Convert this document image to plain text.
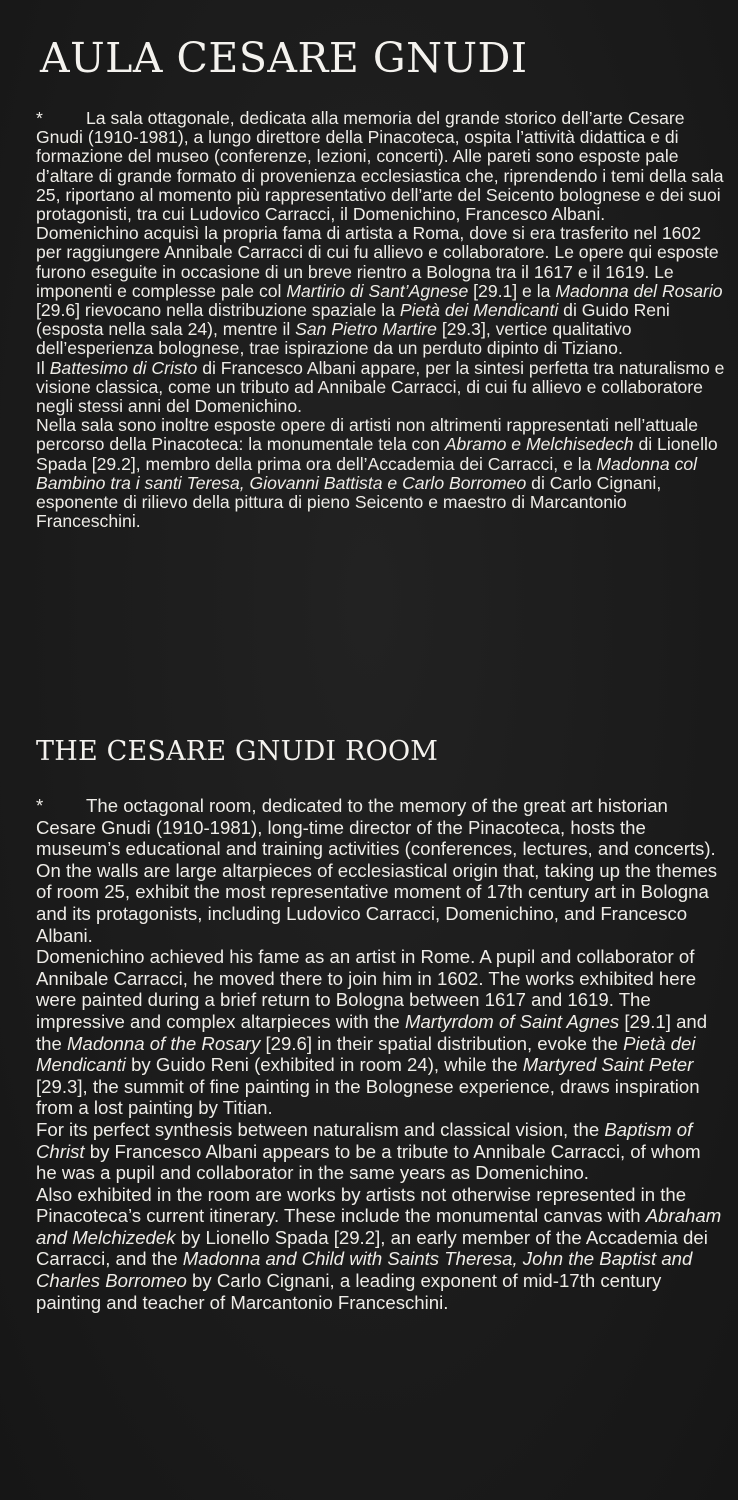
AULA CESARE GNUDI

* La sala ottagonale, dedicata alla memoria del grande storico dell’arte Cesare Gnudi (1910-1981), a lungo direttore della Pinacoteca, ospita l’attività didattica e di formazione del museo (conferenze, lezioni, concerti). Alle pareti sono esposte pale d’altare di grande formato di provenienza ecclesiastica che, riprendendo i temi della sala 25, riportano al momento più rappresentativo dell’arte del Seicento bolognese e dei suoi protagonisti, tra cui Ludovico Carracci, il Domenichino, Francesco Albani.

Domenichino acquisì la propria fama di artista a Roma, dove si era trasferito nel 1602 per raggiungere Annibale Carracci di cui fu allievo e collaboratore. Le opere qui esposte furono eseguite in occasione di un breve rientro a Bologna tra il 1617 e il 1619. Le imponenti e complesse pale col Martirio di Sant’Agnese [29.1] e la Madonna del Rosario [29.6] rievocano nella distribuzione spaziale la Pietà dei Mendicanti di Guido Reni (esposta nella sala 24), mentre il San Pietro Martire [29.3], vertice qualitativo dell’esperienza bolognese, trae ispirazione da un perduto dipinto di Tiziano.

Il Battesimo di Cristo di Francesco Albani appare, per la sintesi perfetta tra naturalismo e visione classica, come un tributo ad Annibale Carracci, di cui fu allievo e collaboratore negli stessi anni del Domenichino.

Nella sala sono inoltre esposte opere di artisti non altrimenti rappresentati nell’attuale percorso della Pinacoteca: la monumentale tela con Abramo e Melchisedech di Lionello Spada [29.2], membro della prima ora dell’Accademia dei Carracci, e la Madonna col Bambino tra i santi Teresa, Giovanni Battista e Carlo Borromeo di Carlo Cignani, esponente di rilievo della pittura di pieno Seicento e maestro di Marcantonio Franceschini.

THE CESARE GNUDI ROOM

* The octagonal room, dedicated to the memory of the great art historian Cesare Gnudi (1910-1981), long-time director of the Pinacoteca, hosts the museum’s educational and training activities (conferences, lectures, and concerts).

On the walls are large altarpieces of ecclesiastical origin that, taking up the themes of room 25, exhibit the most representative moment of 17th century art in Bologna and its protagonists, including Ludovico Carracci, Domenichino, and Francesco Albani.

Domenichino achieved his fame as an artist in Rome. A pupil and collaborator of Annibale Carracci, he moved there to join him in 1602. The works exhibited here were painted during a brief return to Bologna between 1617 and 1619. The impressive and complex altarpieces with the Martyrdom of Saint Agnes [29.1] and the Madonna of the Rosary [29.6] in their spatial distribution, evoke the Pietà dei Mendicanti by Guido Reni (exhibited in room 24), while the Martyred Saint Peter [29.3], the summit of fine painting in the Bolognese experience, draws inspiration from a lost painting by Titian.

For its perfect synthesis between naturalism and classical vision, the Baptism of Christ by Francesco Albani appears to be a tribute to Annibale Carracci, of whom he was a pupil and collaborator in the same years as Domenichino.

Also exhibited in the room are works by artists not otherwise represented in the Pinacoteca’s current itinerary. These include the monumental canvas with Abraham and Melchizedek by Lionello Spada [29.2], an early member of the Accademia dei Carracci, and the Madonna and Child with Saints Theresa, John the Baptist and Charles Borromeo by Carlo Cignani, a leading exponent of mid-17th century painting and teacher of Marcantonio Franceschini.
